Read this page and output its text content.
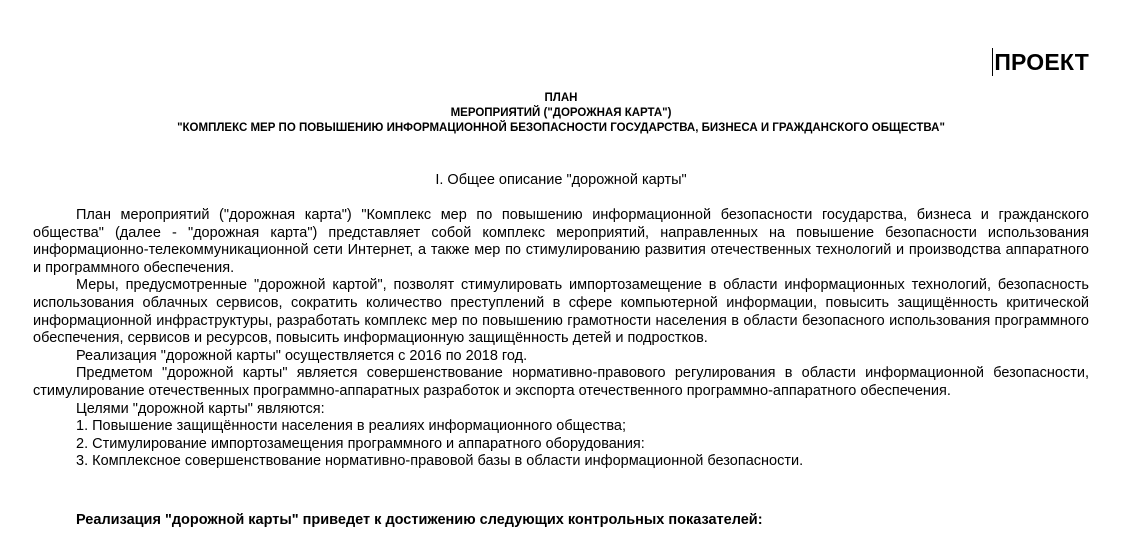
ПРОЕКТ
ПЛАН
МЕРОПРИЯТИЙ ("ДОРОЖНАЯ КАРТА")
"КОМПЛЕКС МЕР ПО ПОВЫШЕНИЮ ИНФОРМАЦИОННОЙ БЕЗОПАСНОСТИ ГОСУДАРСТВА, БИЗНЕСА И ГРАЖДАНСКОГО ОБЩЕСТВА"
I. Общее описание "дорожной карты"

План мероприятий ("дорожная карта") "Комплекс мер по повышению информационной безопасности государства, бизнеса и гражданского общества" (далее - "дорожная карта") представляет собой комплекс мероприятий, направленных на повышение безопасности использования информационно-телекоммуникационной сети Интернет, а также мер по стимулированию развития отечественных технологий и производства аппаратного и программного обеспечения.

Меры, предусмотренные "дорожной картой", позволят стимулировать импортозамещение в области информационных технологий, безопасность использования облачных сервисов, сократить количество преступлений в сфере компьютерной информации, повысить защищённость критической информационной инфраструктуры, разработать комплекс мер по повышению грамотности населения в области безопасного использования программного обеспечения, сервисов и ресурсов, повысить информационную защищённость детей и подростков.

Реализация "дорожной карты" осуществляется с 2016 по 2018 год.

Предметом "дорожной карты" является совершенствование нормативно-правового регулирования в области информационной безопасности, стимулирование отечественных программно-аппаратных разработок и экспорта отечественного программно-аппаратного обеспечения.

Целями "дорожной карты" являются:

1. Повышение защищённости населения в реалиях информационного общества;
2. Стимулирование импортозамещения программного и аппаратного оборудования:
3. Комплексное совершенствование нормативно-правовой базы в области информационной безопасности.
Реализация "дорожной карты" приведет к достижению следующих контрольных показателей:
